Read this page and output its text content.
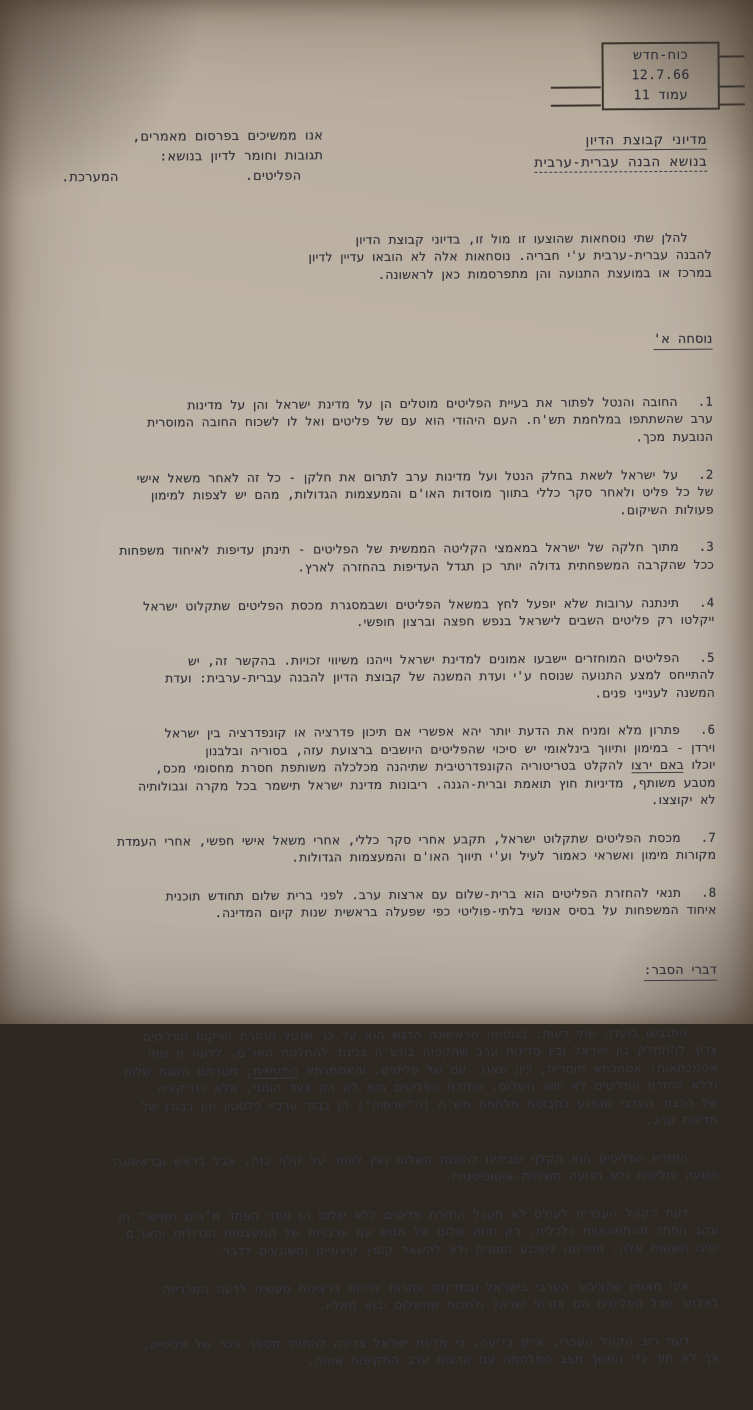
כוח-חדש
12.7.66
עמוד 11
אנו ממשיכים בפרסום מאמרים,
תגובות וחומר לדיון בנושא:
הפליטים.
המערכת.
מדיוני קבוצת הדיון
בנושא הבנה עברית-ערבית

להלן שתי נוסחאות שהוצעו זו מול זו, בדיוני קבוצת הדיון
להבנה עברית-ערבית ע'י חבריה. נוסחאות אלה לא הובאו עדיין לדיון
במרכז או במועצת התנועה והן מתפרסמות כאן לראשונה.

נוסחה א'

1.החובה והנטל לפתור את בעיית הפליטים מוטלים הן על מדינת ישראל והן על מדינות
ערב שהשתתפו במלחמת תש'ח. העם היהודי הוא עם של פליטים ואל לו לשכוח החובה המוסרית
הנובעת מכך.

2.על ישראל לשאת בחלק הנטל ועל מדינות ערב לתרום את חלקן - כל זה לאחר משאל אישי
של כל פליט ולאחר סקר כללי בתווך מוסדות האו'ם והמעצמות הגדולות, מהם יש לצפות למימון
פעולות השיקום.

3.מתוך חלקה של ישראל במאמצי הקליטה הממשית של הפליטים - תינתן עדיפות לאיחוד משפחות
ככל שהקרבה המשפחתית גדולה יותר כן תגדל העדיפות בהחזרה לארץ.

4.תינתנה ערובות שלא יופעל לחץ במשאל הפליטים ושבמסגרת מכסת הפליטים שתקלוט ישראל
ייקלטו רק פליטים השבים לישראל בנפש חפצה וברצון חופשי.

5.הפליטים המוחזרים יישבעו אמונים למדינת ישראל וייהנו משיווי זכויות. בהקשר זה, יש
להתייחס למצע התנועה שנוסח ע'י ועדת המשנה של קבוצת הדיון להבנה עברית-ערבית: ועדת
המשנה לענייני פנים.

6.פתרון מלא ומניח את הדעת יותר יהא אפשרי אם תיכון פדרציה או קונפדרציה בין ישראל
וירדן - במימון ותיווך בינלאומי יש סיכוי שהפליטים היושבים ברצועת עזה, בסוריה ובלבנון
יוכלו באם ירצו להקלט בטריטוריה הקונפדרטיבית שתיהנה מכלכלה משותפת חסרת מחסומי מכס,
מטבע משותף, מדיניות חוץ תואמת וברית-הגנה. ריבונות מדינת ישראל תישמר בכל מקרה וגבולותיה
לא יקוצצו.

7.מכסת הפליטים שתקלוט ישראל, תקבע אחרי סקר כללי, אחרי משאל אישי חפשי, אחרי העמדת
מקורות מימון ואשראי כאמור לעיל וע'י תיווך האו'ם והמעצמות הגדולות.

8.תנאי להחזרת הפליטים הוא ברית-שלום עם ארצות ערב. לפני ברית שלום תחודש תוכנית
איחוד המשפחות על בסיס אנושי בלתי-פוליטי כפי שפעלה בראשית שנות קיום המדינה.

דברי הסבר:

התגבשו בועדה שתי דעות. בנוסחה הראשונה הדגש הוא על כך שנטל החזרת ושיקום הפליטים
צריך להתחלק בין ישראל ובין מדינות ערב שתקפוה בתש'ח בניגוד להחלטת האו'ם. לדעה זו שתי
אסמכתאות: אסמכתא מוסרית, כיון שאנו..עם של פליטים. והאסמכתא המעשית; מטרתנו השגת שלום
וללא החזרת הפליטים לא יושג השלום. החזרת הפליטים הוא לא רק צעד הומני, אלא וינדיקציה
של הכבוד הערבי שנפגע בתבוסת מלחמת תש'ח (ה"שרפיה") הן כבוד ערביי פלסטין והן כבודן של
מדינות ערב.

החזרת הפליטים הוא הקלף שבידינו להשגת השלום ואין לוותר על קלף כזה, אבל בראש ובראשונה
תנועה פוליטית ולא תנועה משיחית-אוטופיסטית.

דעת הקהל העברית לעולם לא תעכל החזרת פליטים ללא שלום הן מפני הפחד מ"גיים חמישי" הן
עקב הפחד מהתמוטטות כלכלית. רק חוזה שלום של ממש עם ערבויות של המעצמות הגדולות והאו'ם
יפיגו חששות אלה. מטרתנו לשכנע המונים ולא להשאר קומץ קיצוניים ומשוגעים לדבר.

איני מאמין שהציבור הערבי בישראל ובמדינות אחרות יתייחס ברצינות מעשית לדעה המכריזה
לאלתר שכל הפליטים הם אזרחי ישראל ולחכות שהשלום יבוא מאליו.

דעת רוב הקהל העברי, איתן בדיעה, כי מדינת ישראל צריכה להחזיר מספר ניכר של פליטים,
אך לא תוך כדי המשך מצב המלחמה עם ארצות ערב המקיפות אותה.
